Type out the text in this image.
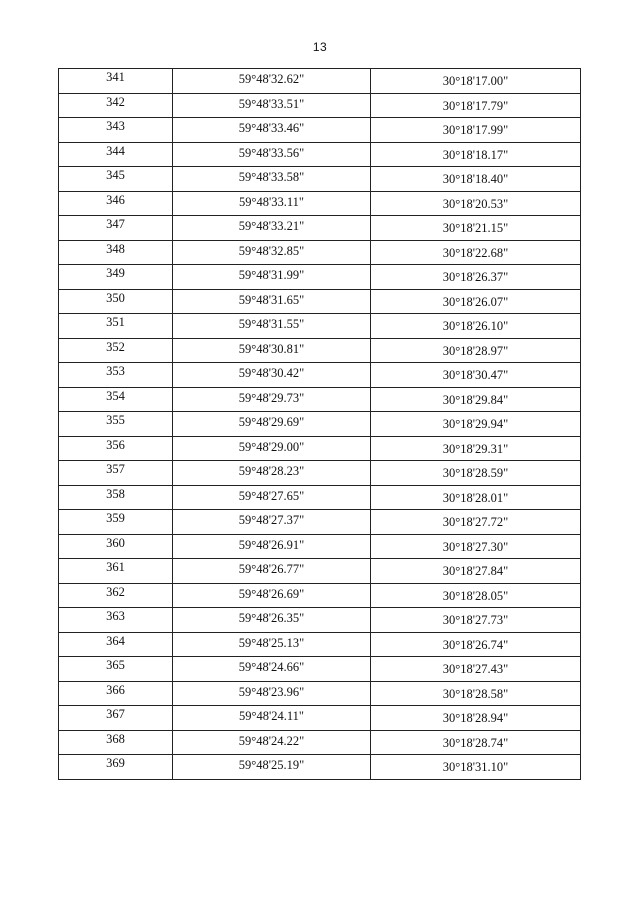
13
341	59°48'32.62"	30°18'17.00"
342	59°48'33.51"	30°18'17.79"
343	59°48'33.46"	30°18'17.99"
344	59°48'33.56"	30°18'18.17"
345	59°48'33.58"	30°18'18.40"
346	59°48'33.11"	30°18'20.53"
347	59°48'33.21"	30°18'21.15"
348	59°48'32.85"	30°18'22.68"
349	59°48'31.99"	30°18'26.37"
350	59°48'31.65"	30°18'26.07"
351	59°48'31.55"	30°18'26.10"
352	59°48'30.81"	30°18'28.97"
353	59°48'30.42"	30°18'30.47"
354	59°48'29.73"	30°18'29.84"
355	59°48'29.69"	30°18'29.94"
356	59°48'29.00"	30°18'29.31"
357	59°48'28.23"	30°18'28.59"
358	59°48'27.65"	30°18'28.01"
359	59°48'27.37"	30°18'27.72"
360	59°48'26.91"	30°18'27.30"
361	59°48'26.77"	30°18'27.84"
362	59°48'26.69"	30°18'28.05"
363	59°48'26.35"	30°18'27.73"
364	59°48'25.13"	30°18'26.74"
365	59°48'24.66"	30°18'27.43"
366	59°48'23.96"	30°18'28.58"
367	59°48'24.11"	30°18'28.94"
368	59°48'24.22"	30°18'28.74"
369	59°48'25.19"	30°18'31.10"
